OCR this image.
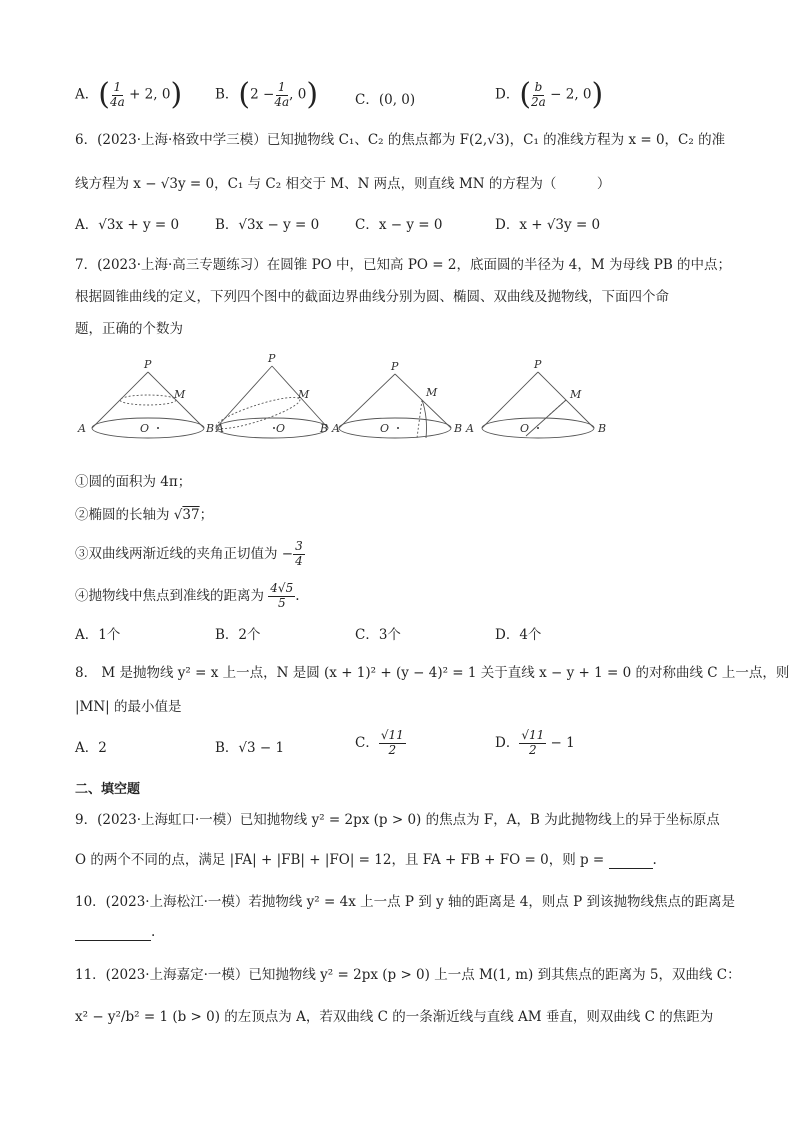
A．( $\frac{1}{4a} + 2$, 0)	B．($2 - \frac{1}{4a}$ , 0)	C．(0, 0)	D．( $\frac{b}{2a} - 2$, 0)
6．(2023·上海·格致中学三模）已知抛物线 C₁、C₂ 的焦点都为 F(2,√3)，C₁ 的准线方程为 x = 0，C₂ 的准
线方程为 x − √3y = 0，C₁ 与 C₂ 相交于 M、N 两点，则直线 MN 的方程为（　　　）
A．√3x + y = 0	B．√3x − y = 0	C．x − y = 0	D．x + √3y = 0
7．(2023·上海·高三专题练习）在圆锥 PO 中，已知高 PO = 2，底面圆的半径为 4，M 为母线 PB 的中点；
根据圆锥曲线的定义，下列四个图中的截面边界曲线分别为圆、椭圆、双曲线及抛物线，下面四个命
题，正确的个数为
P
M
O
A	B
P
M
O
A	B
P
M
O
A	B
P
M
O
A	B
①圆的面积为 4π；
②椭圆的长轴为 √37；
③双曲线两渐近线的夹角正切值为 − $\frac{3}{4}$
④抛物线中焦点到准线的距离为 $\frac{4√5}{5}$ .
A．1个	B．2个	C．3个	D．4个
8． M 是抛物线 y² = x 上一点，N 是圆 (x + 1)² + (y − 4)² = 1 关于直线 x − y + 1 = 0 的对称曲线 C 上一点，则
|MN| 的最小值是
A．2	B．√3 − 1	C． $\frac{√11}{2}$	D． $\frac{√11}{2} - 1$
二、填空题
9．(2023·上海虹口·一模）已知抛物线 y² = 2px (p > 0) 的焦点为 F，A，B 为此抛物线上的异于坐标原点
O 的两个不同的点，满足 |FA| + |FB| + |FO| = 12，且 FA + FB + FO = 0，则 p =	.
10．(2023·上海松江·一模）若抛物线 y² = 4x 上一点 P 到 y 轴的距离是 4，则点 P 到该抛物线焦点的距离是
.
11．(2023·上海嘉定·一模）已知抛物线 y² = 2px (p > 0) 上一点 M(1, m) 到其焦点的距离为 5，双曲线 C：
x² − y²/b² = 1 (b > 0) 的左顶点为 A，若双曲线 C 的一条渐近线与直线 AM 垂直，则双曲线 C 的焦距为
